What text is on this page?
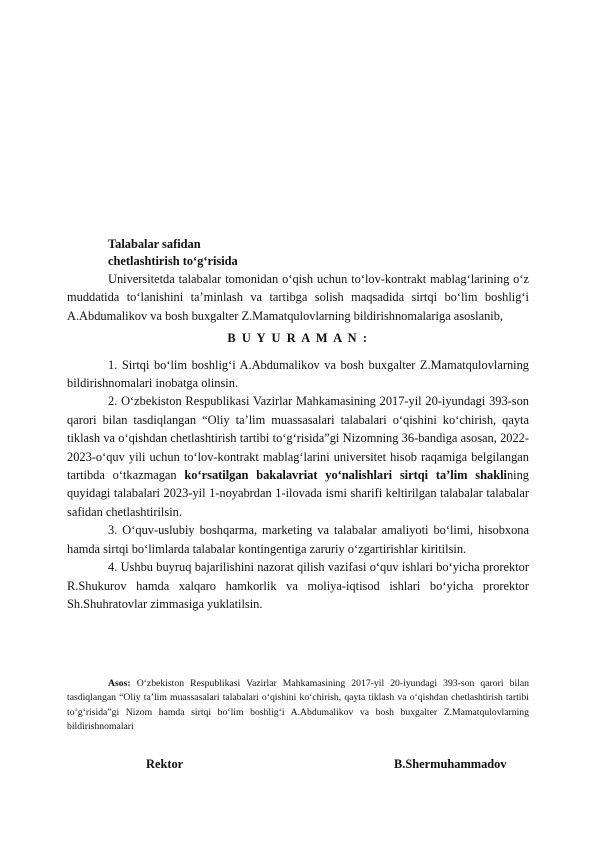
Talabalar safidan
chetlashtirish to‘g‘risida

Universitetda talabalar tomonidan o‘qish uchun to‘lov-kontrakt mablag‘larining o‘z muddatida to‘lanishini ta’minlash va tartibga solish maqsadida sirtqi bo‘lim boshlig‘i A.Abdumalikov va bosh buxgalter Z.Mamatqulovlarning bildirishnomalariga asoslanib,

B U Y U R A M A N :

1. Sirtqi bo‘lim boshlig‘i A.Abdumalikov va bosh buxgalter Z.Mamatqulovlarning bildirishnomalari inobatga olinsin.

2. O‘zbekiston Respublikasi Vazirlar Mahkamasining 2017-yil 20-iyundagi 393-son qarori bilan tasdiqlangan “Oliy ta’lim muassasalari talabalari o‘qishini ko‘chirish, qayta tiklash va o‘qishdan chetlashtirish tartibi to‘g‘risida”gi Nizomning 36-bandiga asosan, 2022-2023-o‘quv yili uchun to‘lov-kontrakt mablag‘larini universitet hisob raqamiga belgilangan tartibda o‘tkazmagan ko‘rsatilgan bakalavriat yo‘nalishlari sirtqi ta’lim shaklining quyidagi talabalari 2023-yil 1-noyabrdan 1-ilovada ismi sharifi keltirilgan talabalar talabalar safidan chetlashtirilsin.

3. O‘quv-uslubiy boshqarma, marketing va talabalar amaliyoti bo‘limi, hisobxona hamda sirtqi bo‘limlarda talabalar kontingentiga zaruriy o‘zgartirishlar kiritilsin.

4. Ushbu buyruq bajarilishini nazorat qilish vazifasi o‘quv ishlari bo‘yicha prorektor R.Shukurov hamda xalqaro hamkorlik va moliya-iqtisod ishlari bo‘yicha prorektor Sh.Shuhratovlar zimmasiga yuklatilsin.

Asos: O‘zbekiston Respublikasi Vazirlar Mahkamasining 2017-yil 20-iyundagi 393-son qarori bilan tasdiqlangan “Oliy ta’lim muassasalari talabalari o‘qishini ko‘chirish, qayta tiklash va o‘qishdan chetlashtirish tartibi to‘g‘risida”gi Nizom hamda sirtqi bo‘lim boshlig‘i A.Abdumalikov va bosh buxgalter Z.Mamatqulovlarning bildirishnomalari
Rektor	B.Shermuhammadov
